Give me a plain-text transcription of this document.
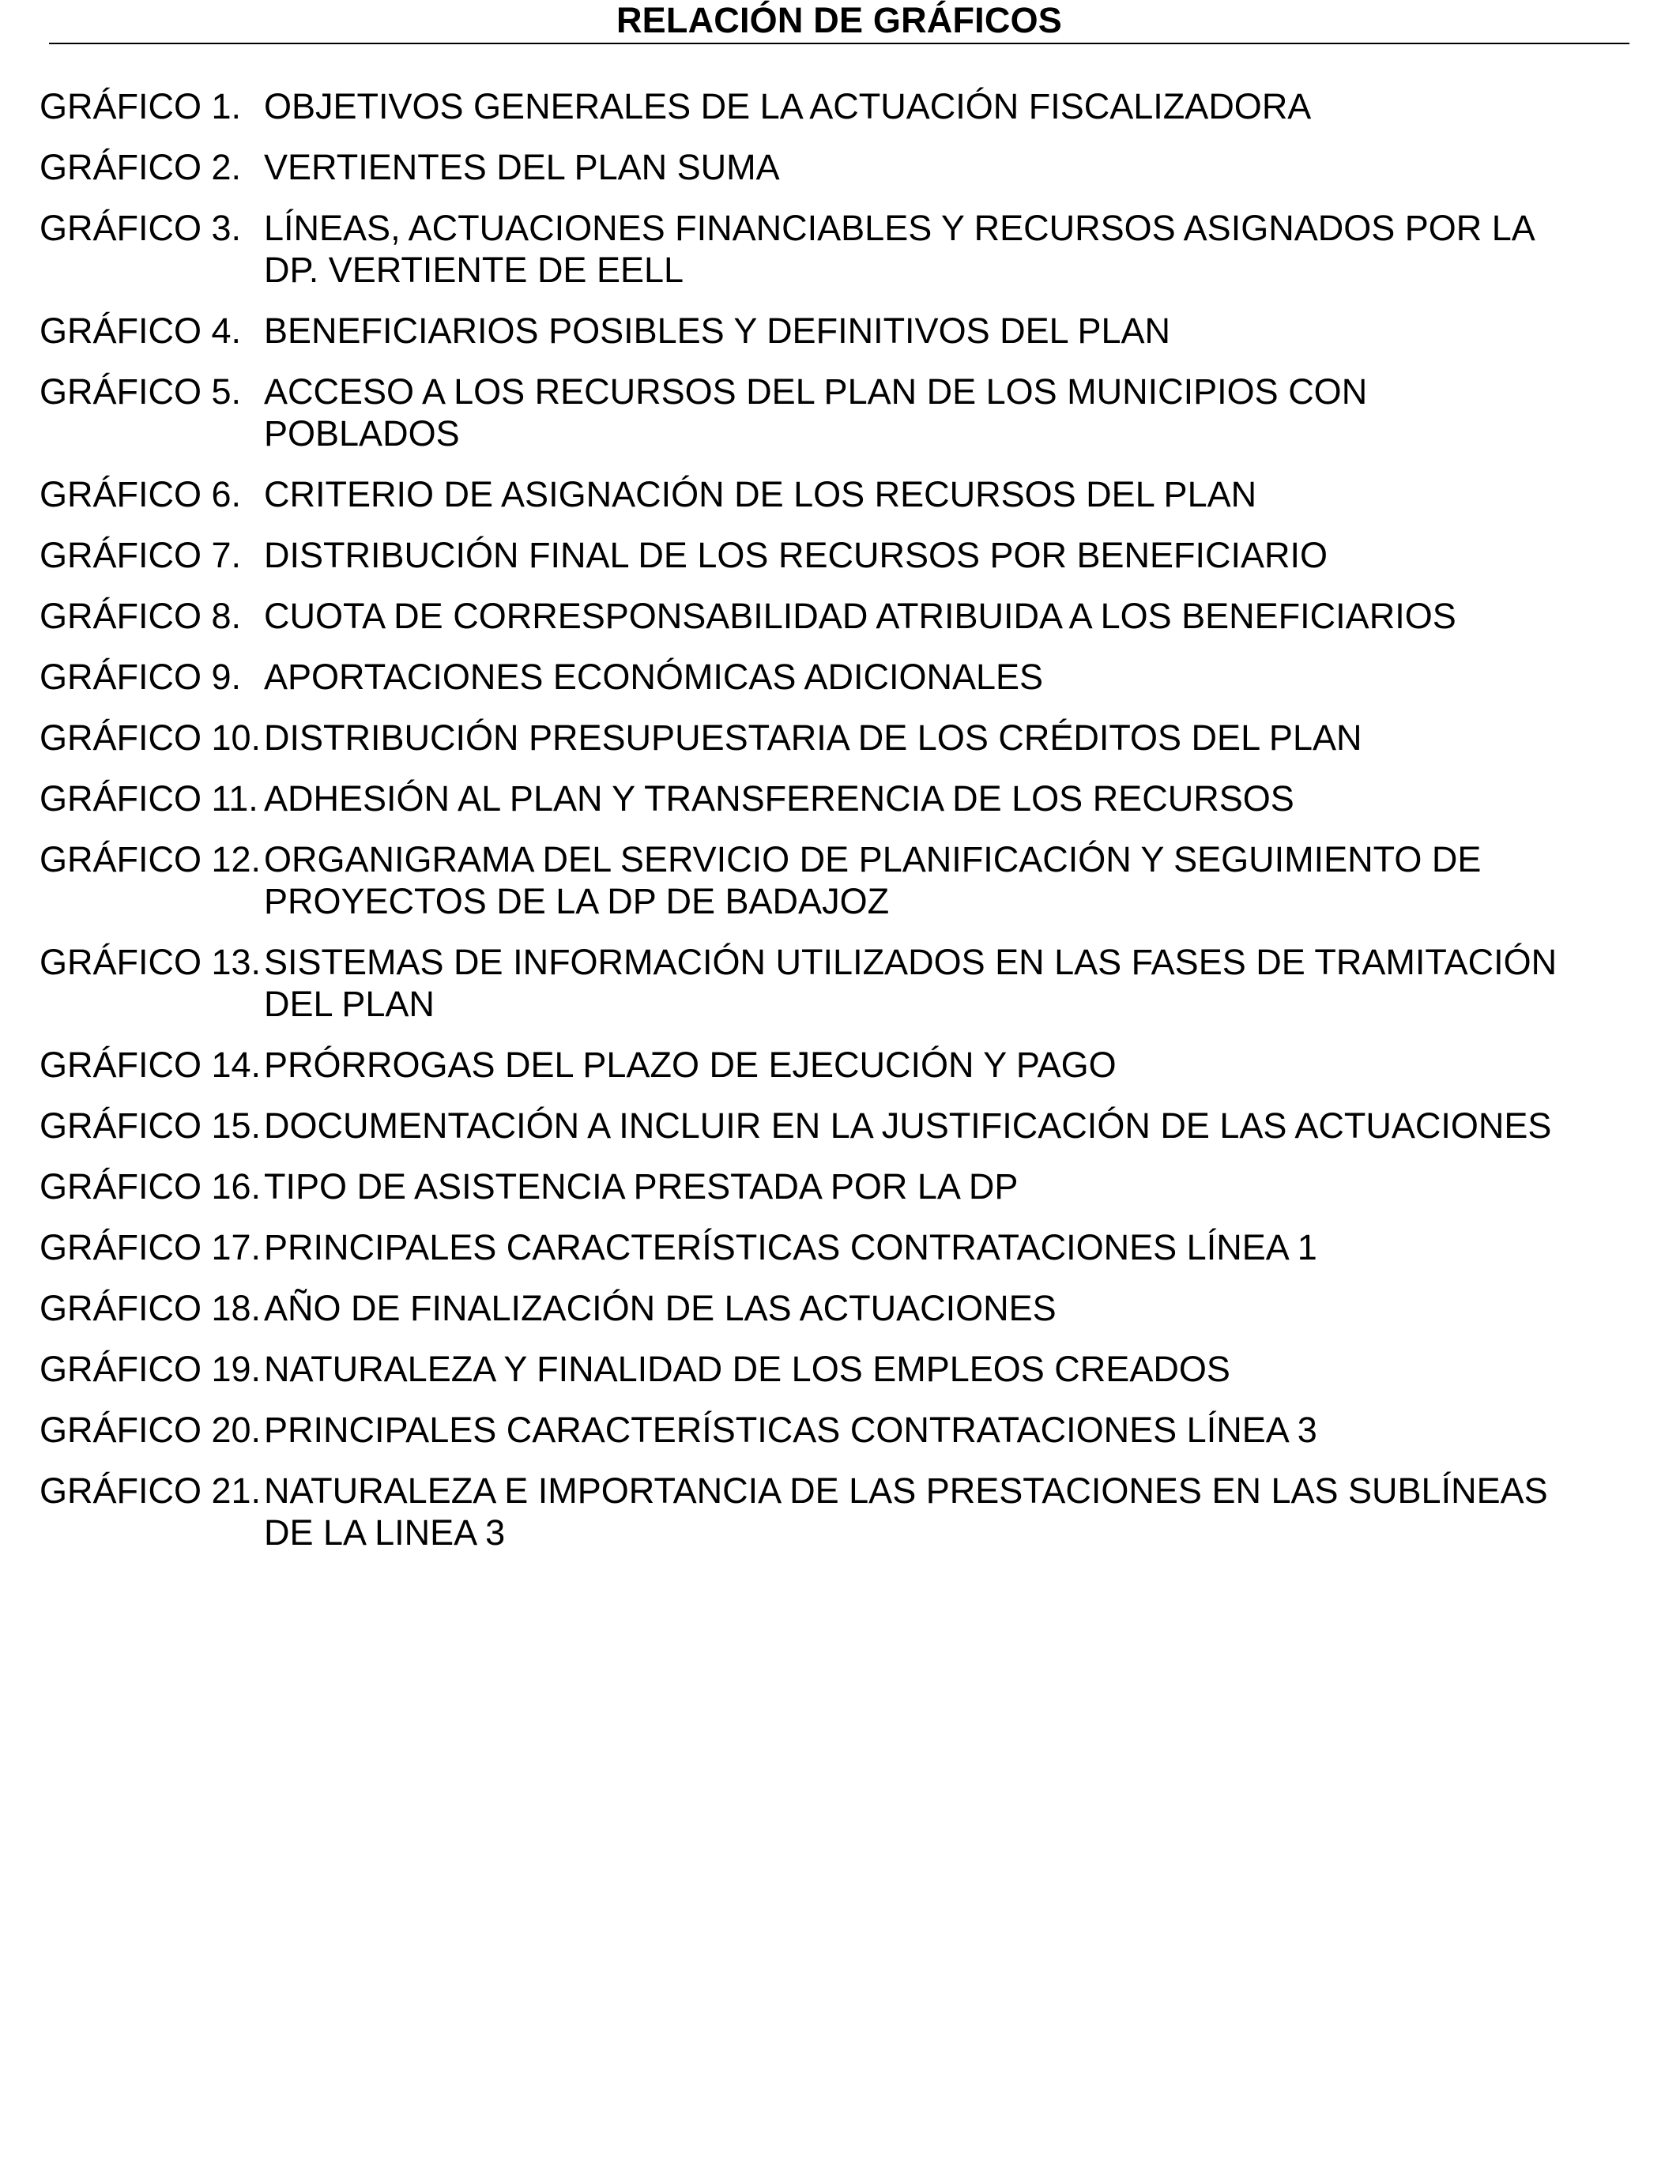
RELACIÓN DE GRÁFICOS
GRÁFICO 1. OBJETIVOS GENERALES DE LA ACTUACIÓN FISCALIZADORA
GRÁFICO 2. VERTIENTES DEL PLAN SUMA
GRÁFICO 3. LÍNEAS, ACTUACIONES FINANCIABLES Y RECURSOS ASIGNADOS POR LA DP. VERTIENTE DE EELL
GRÁFICO 4. BENEFICIARIOS POSIBLES Y DEFINITIVOS DEL PLAN
GRÁFICO 5. ACCESO A LOS RECURSOS DEL PLAN DE LOS MUNICIPIOS CON POBLADOS
GRÁFICO 6. CRITERIO DE ASIGNACIÓN DE LOS RECURSOS DEL PLAN
GRÁFICO 7. DISTRIBUCIÓN FINAL DE LOS RECURSOS POR BENEFICIARIO
GRÁFICO 8. CUOTA DE CORRESPONSABILIDAD ATRIBUIDA A LOS BENEFICIARIOS
GRÁFICO 9. APORTACIONES ECONÓMICAS ADICIONALES
GRÁFICO 10. DISTRIBUCIÓN PRESUPUESTARIA DE LOS CRÉDITOS DEL PLAN
GRÁFICO 11. ADHESIÓN AL PLAN Y TRANSFERENCIA DE LOS RECURSOS
GRÁFICO 12. ORGANIGRAMA DEL SERVICIO DE PLANIFICACIÓN Y SEGUIMIENTO DE PROYECTOS DE LA DP DE BADAJOZ
GRÁFICO 13. SISTEMAS DE INFORMACIÓN UTILIZADOS EN LAS FASES DE TRAMITACIÓN DEL PLAN
GRÁFICO 14. PRÓRROGAS DEL PLAZO DE EJECUCIÓN Y PAGO
GRÁFICO 15. DOCUMENTACIÓN A INCLUIR EN LA JUSTIFICACIÓN DE LAS ACTUACIONES
GRÁFICO 16. TIPO DE ASISTENCIA PRESTADA POR LA DP
GRÁFICO 17. PRINCIPALES CARACTERÍSTICAS CONTRATACIONES LÍNEA 1
GRÁFICO 18. AÑO DE FINALIZACIÓN DE LAS ACTUACIONES
GRÁFICO 19. NATURALEZA Y FINALIDAD DE LOS EMPLEOS CREADOS
GRÁFICO 20. PRINCIPALES CARACTERÍSTICAS CONTRATACIONES LÍNEA 3
GRÁFICO 21. NATURALEZA E IMPORTANCIA DE LAS PRESTACIONES EN LAS SUBLÍNEAS DE LA LINEA 3
